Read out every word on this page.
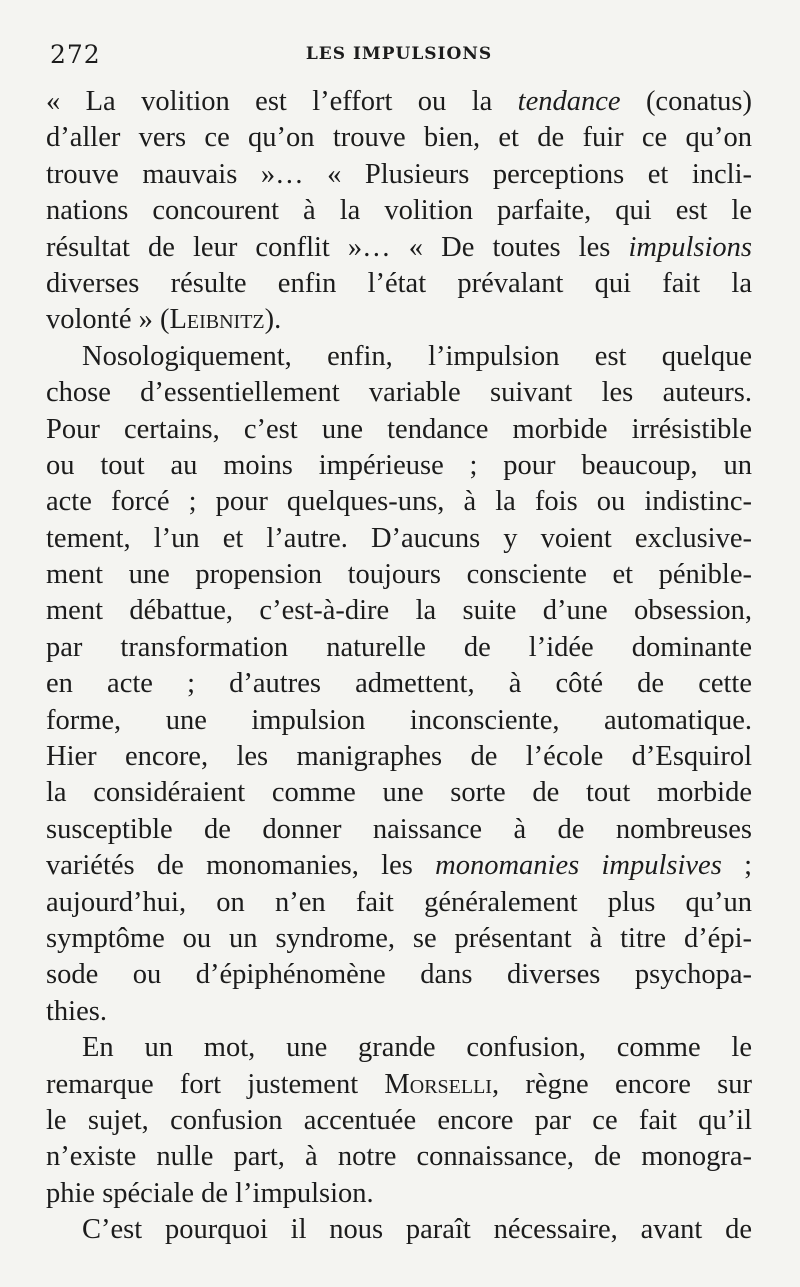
272	LES IMPULSIONS
« La volition est l’effort ou la tendance (conatus)
d’aller vers ce qu’on trouve bien, et de fuir ce qu’on
trouve mauvais »… « Plusieurs perceptions et incli-
nations concourent à la volition parfaite, qui est le
résultat de leur conflit »… « De toutes les impulsions
diverses résulte enfin l’état prévalant qui fait la
volonté » (Leibnitz).
Nosologiquement, enfin, l’impulsion est quelque
chose d’essentiellement variable suivant les auteurs.
Pour certains, c’est une tendance morbide irrésistible
ou tout au moins impérieuse ; pour beaucoup, un
acte forcé ; pour quelques-uns, à la fois ou indistinc-
tement, l’un et l’autre. D’aucuns y voient exclusive-
ment une propension toujours consciente et pénible-
ment débattue, c’est-à-dire la suite d’une obsession,
par transformation naturelle de l’idée dominante
en acte ; d’autres admettent, à côté de cette
forme, une impulsion inconsciente, automatique.
Hier encore, les manigraphes de l’école d’Esquirol
la considéraient comme une sorte de tout morbide
susceptible de donner naissance à de nombreuses
variétés de monomanies, les monomanies impulsives ;
aujourd’hui, on n’en fait généralement plus qu’un
symptôme ou un syndrome, se présentant à titre d’épi-
sode ou d’épiphénomène dans diverses psychopa-
thies.
En un mot, une grande confusion, comme le
remarque fort justement Morselli, règne encore sur
le sujet, confusion accentuée encore par ce fait qu’il
n’existe nulle part, à notre connaissance, de monogra-
phie spéciale de l’impulsion.
C’est pourquoi il nous paraît nécessaire, avant de
